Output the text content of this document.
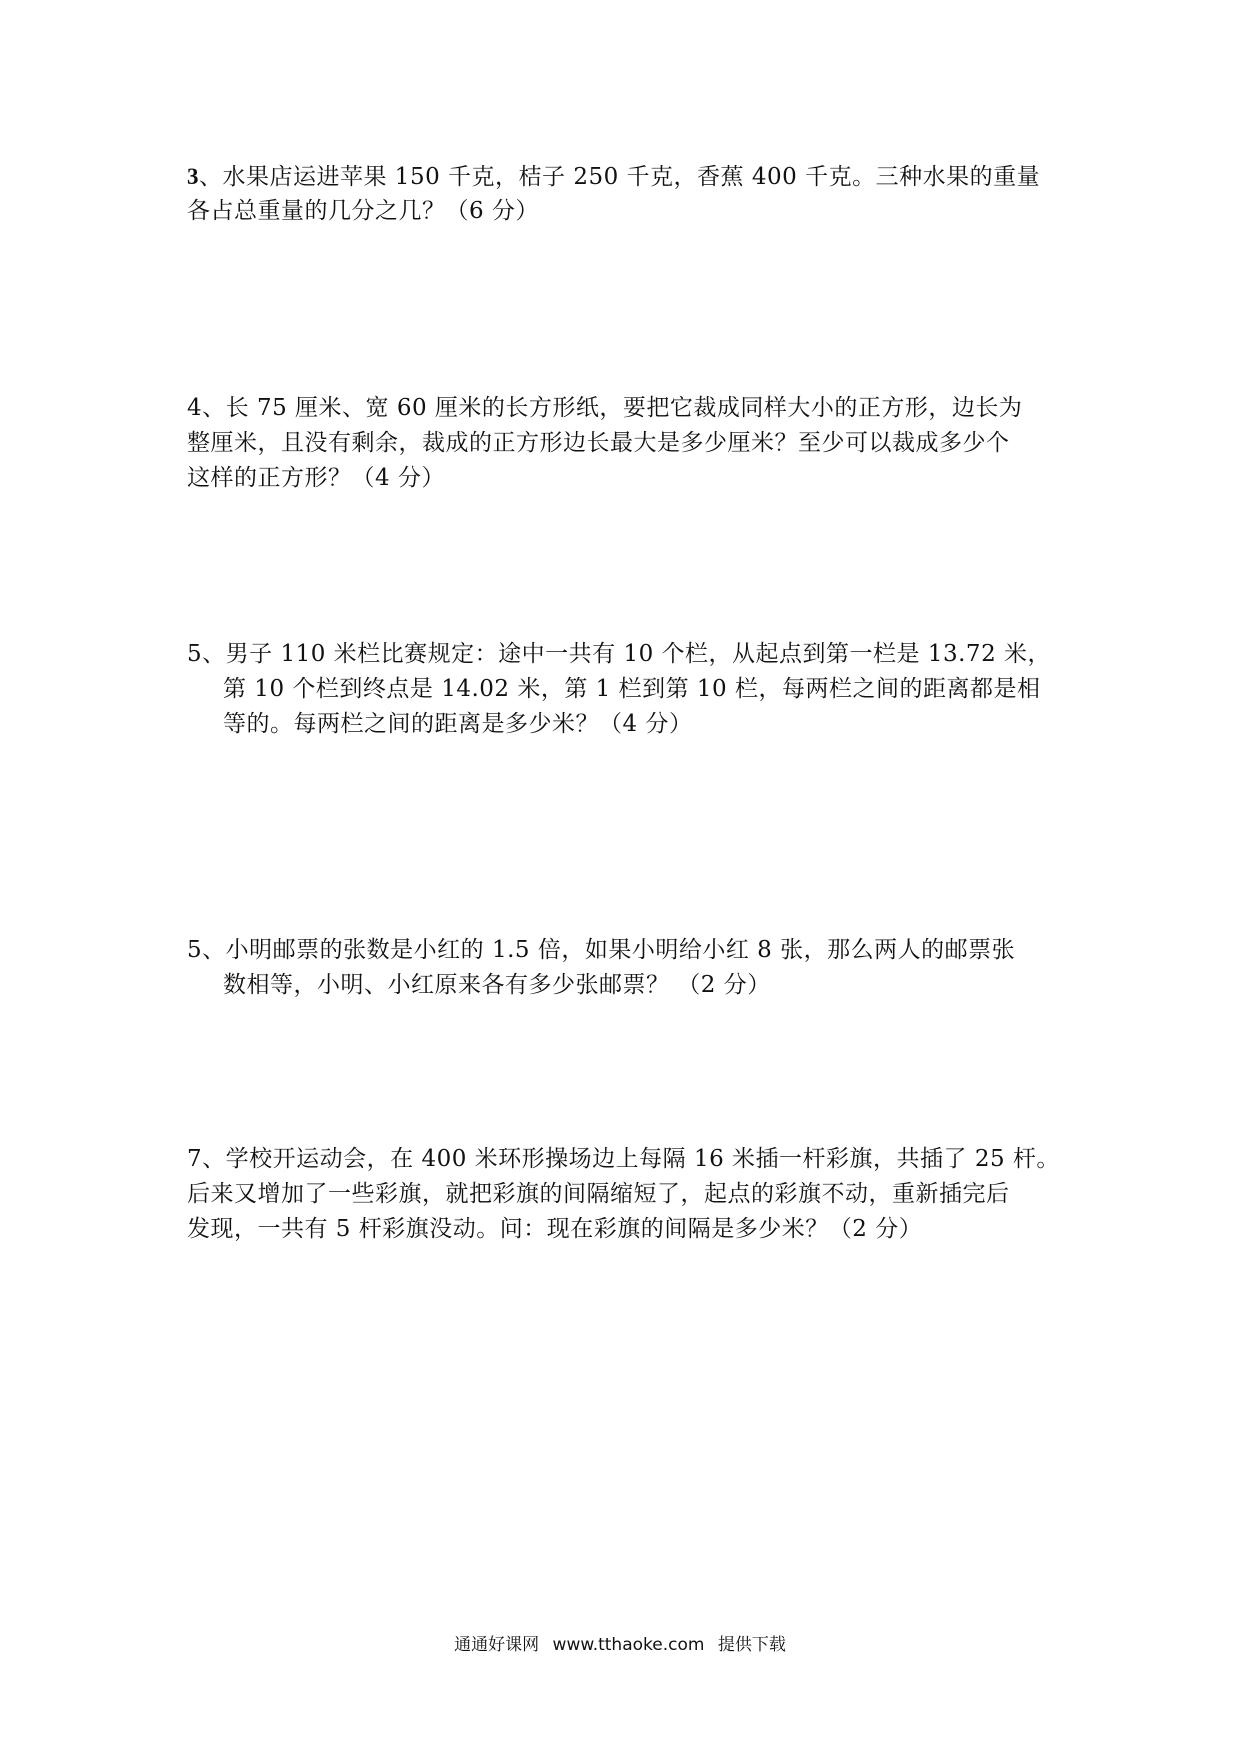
3、水果店运进苹果 150 千克，桔子 250 千克，香蕉 400 千克。三种水果的重量
各占总重量的几分之几？（6 分）
4、长 75 厘米、宽 60 厘米的长方形纸，要把它裁成同样大小的正方形，边长为
整厘米，且没有剩余，裁成的正方形边长最大是多少厘米？至少可以裁成多少个
这样的正方形？（4 分）
5、男子 110 米栏比赛规定：途中一共有 10 个栏，从起点到第一栏是 13.72 米，
第 10 个栏到终点是 14.02 米，第 1 栏到第 10 栏，每两栏之间的距离都是相
等的。每两栏之间的距离是多少米？（4 分）
5、小明邮票的张数是小红的 1.5 倍，如果小明给小红 8 张，那么两人的邮票张
数相等，小明、小红原来各有多少张邮票？ （2 分）
7、学校开运动会，在 400 米环形操场边上每隔 16 米插一杆彩旗，共插了 25 杆。
后来又增加了一些彩旗，就把彩旗的间隔缩短了，起点的彩旗不动，重新插完后
发现，一共有 5 杆彩旗没动。问：现在彩旗的间隔是多少米？（2 分）
通通好课网 www.tthaoke.com 提供下载
